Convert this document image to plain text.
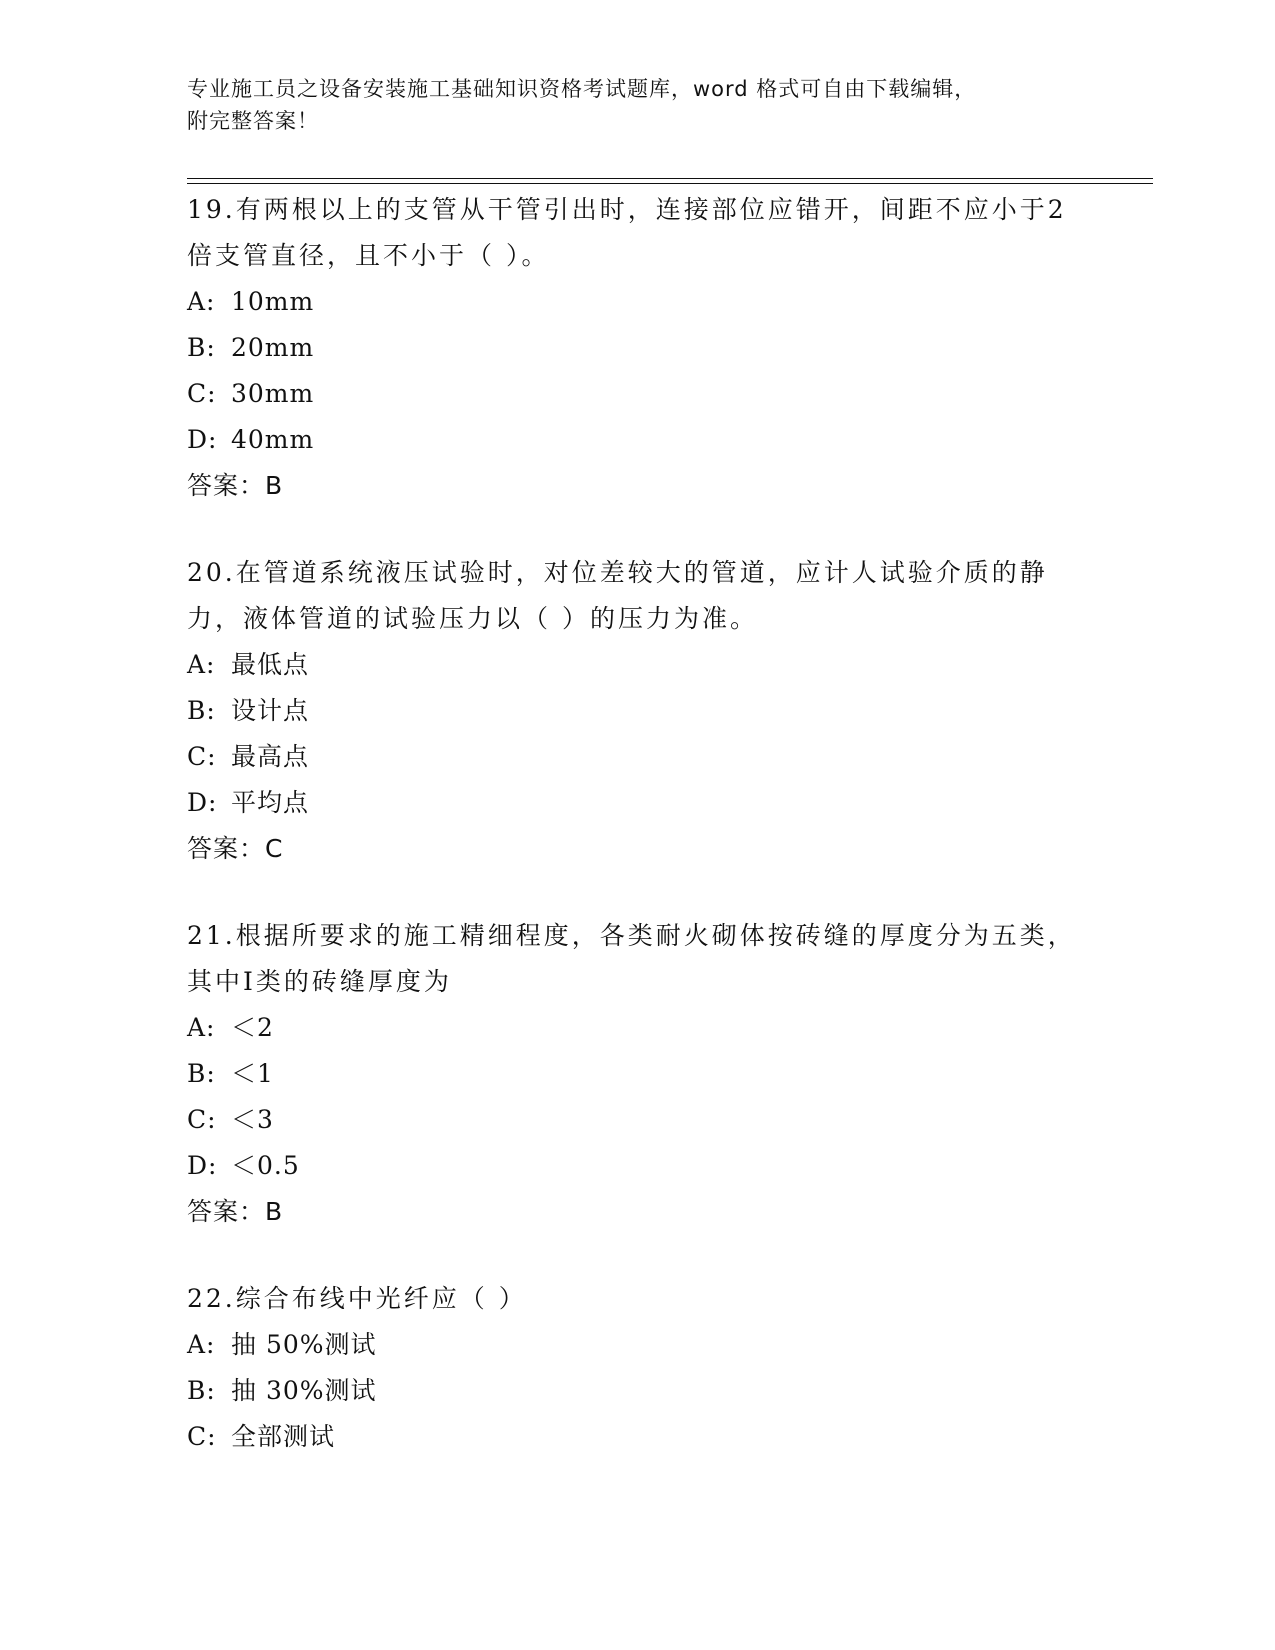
专业施工员之设备安装施工基础知识资格考试题库，word 格式可自由下载编辑，
附完整答案！

19.有两根以上的支管从干管引出时，连接部位应错开，间距不应小于2倍支管直径，且不小于（ ）。

A: 10mm

B: 20mm

C: 30mm

D: 40mm

答案：B

20.在管道系统液压试验时，对位差较大的管道，应计人试验介质的静力，液体管道的试验压力以（ ）的压力为准。

A: 最低点

B: 设计点

C: 最高点

D: 平均点

答案：C

21.根据所要求的施工精细程度，各类耐火砌体按砖缝的厚度分为五类，其中Ⅰ类的砖缝厚度为

A: ＜2

B: ＜1

C: ＜3

D: ＜0.5

答案：B

22.综合布线中光纤应（ ）

A: 抽 50%测试

B: 抽 30%测试

C: 全部测试
